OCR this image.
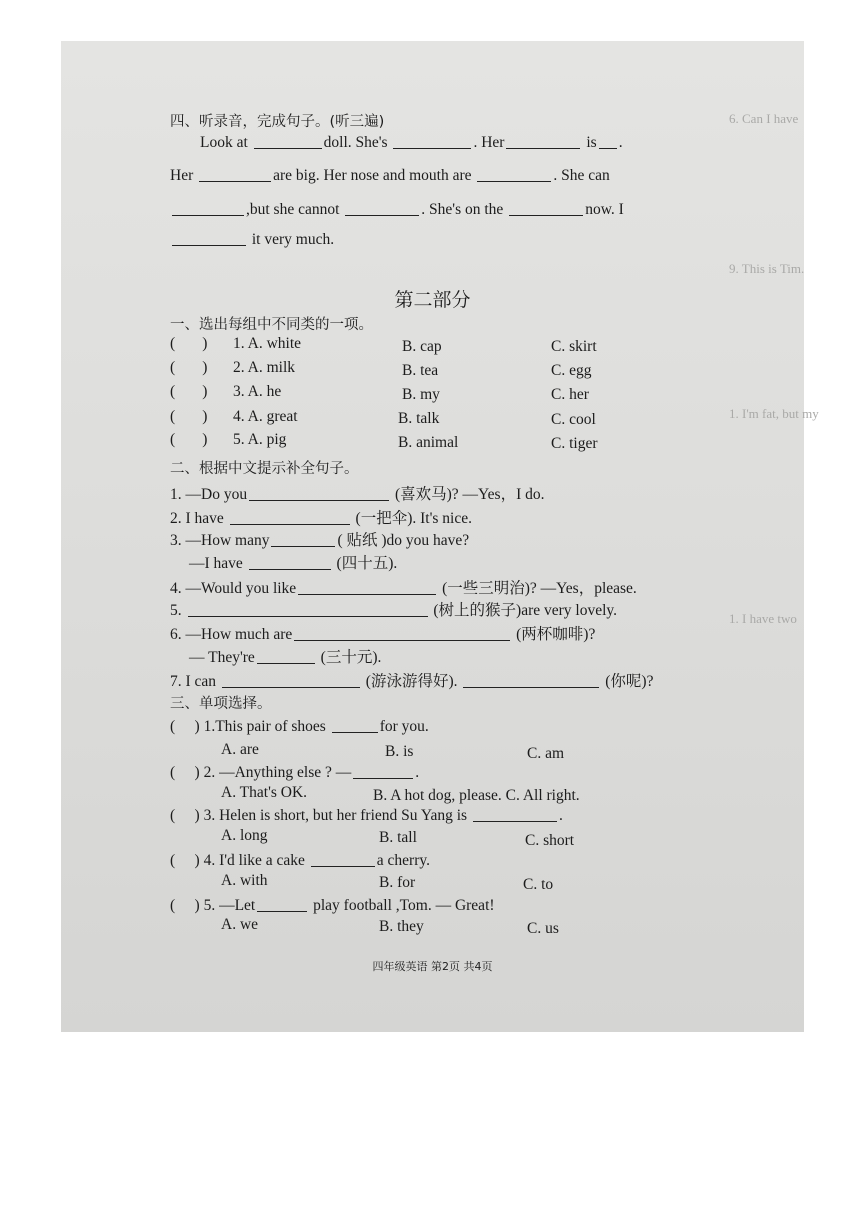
6. Can I have
9. This is Tim.
1. I'm fat, but my
1. I have two
四、听录音，完成句子。(听三遍)
Look at	doll. She's	. Her	is .
Her	are big. Her nose and mouth are	. She can
,but she cannot	. She's on the	now. I
it very much.
第二部分
一、选出每组中不同类的一项。
(       ) 1. A. white	B. cap	C. skirt
(       ) 2. A. milk	B. tea	C. egg
(       ) 3. A. he	B. my	C. her
(       ) 4. A. great	B. talk	C. cool
(       ) 5. A. pig	B. animal	C. tiger
二、根据中文提示补全句子。
1. —Do you	(喜欢马)? —Yes，I do.
2. I have	(一把伞). It's nice.
3. —How many	( 贴纸 )do you have?
—I have	(四十五).
4. —Would you like	(一些三明治)? —Yes，please.
5.	(树上的猴子)are very lovely.
6. —How much are	(两杯咖啡)?
— They're	(三十元).
7. I can	(游泳游得好).	(你呢)?
三、单项选择。
(     ) 1.This pair of shoes	for you.
A. are	B. is	C. am
(     ) 2. —Anything else ? —	.
A. That's OK.	B. A hot dog, please. C. All right.
(     ) 3. Helen is short, but her friend Su Yang is	.
A. long	B. tall	C. short
(     ) 4. I'd like a cake	a cherry.
A. with	B. for	C. to
(     ) 5. —Let	play football ,Tom. — Great!
A. we	B. they	C. us
四年级英语 第2页 共4页
